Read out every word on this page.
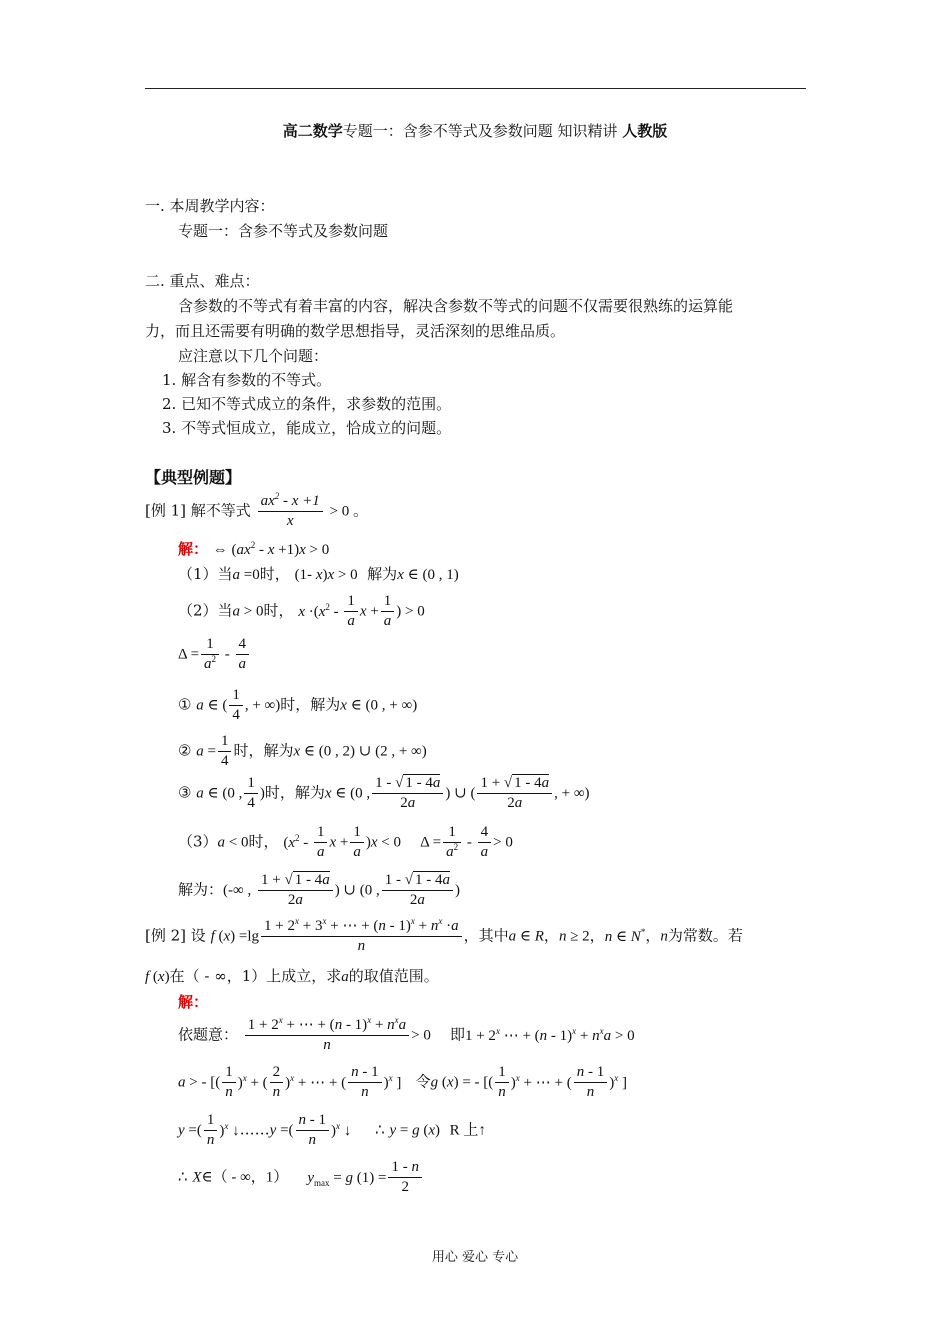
高二数学专题一：含参不等式及参数问题 知识精讲 人教版
一. 本周教学内容：
专题一：含参不等式及参数问题
二. 重点、难点：
含参数的不等式有着丰富的内容，解决含参数不等式的问题不仅需要很熟练的运算能
力，而且还需要有明确的数学思想指导，灵活深刻的思维品质。
应注意以下几个问题：
1. 解含有参数的不等式。
2. 已知不等式成立的条件，求参数的范围。
3. 不等式恒成立，能成立，恰成立的问题。
【典型例题】
[例 1] 解不等式 $\frac{ax^2 - x +1}{x} > 0$ 。
解： ⇔ $(ax^2 - x +1)x > 0$
（1）当a =0时， (1- x)x > 0 解为x ∈ (0 , 1)
（2）当a > 0时， $x \cdot(x^2 - \frac{1}{a}$ $x + \frac{1}{a}$ ) > 0
$\Delta = \frac{1}{a^2} - \frac{4}{a}$
① a ∈ ( $\frac{1}{4}$ , + ∞)时，解为x ∈ (0 , + ∞)
② $a = \frac{1}{4}$ 时，解为x ∈ (0 , 2) ∪ (2 , + ∞)
③ a ∈ (0 , $\frac{1}{4}$ )时，解为x ∈ (0 , $\frac{1 - √ 1 - 4a}{2a}$ ) ∪ ( $\frac{1 + √ 1 - 4a}{2a}$ , + ∞)
（3）a < 0时， ($x^2 - \frac{1}{a}$ $x + \frac{1}{a} )x < 0$ $\Delta = \frac{1}{a^2} - \frac{4}{a} > 0$
解为：(-∞ , $\frac{1 + √ 1 - 4a}{2a}$ ) ∪ (0 , $\frac{1 - √ 1 - 4a}{2a}$ )
[例 2] 设 f $(x) =\lg \frac{1 + 2^x + 3^x + \cdots + (n - 1)^x + n^x \cdot a}{n}$ ，其中a ∈ R，n ≥ 2，n ∈ N*，n为常数。若
f (x)在（ - ∞，1）上成立，求a的取值范围。
解：
依题意： $\frac{1 + 2^x + \cdots + (n - 1)^x + n^xa}{n} > 0$ 即$1 + 2^x$ ⋯ + $(n - 1)^x + n^xa > 0$
a > - [( $\frac{1}{n} )^x$ + ( $\frac{2}{n} )^x$ + ⋯ + ( $\frac{n - 1}{n} )^x$ ] 令g (x) = - [( $\frac{1}{n} )^x$ + ⋯ + ( $\frac{n - 1}{n} )^x$ ]
y =( $\frac{1}{n} )^x$ ↓……y =( $\frac{n - 1}{n} )^x$ ↓ ∴ y = g (x) R 上↑
∴ X∈（ - ∞，1） $y_{max} = g$ $(1) = \frac{1 - n}{2}$
用心 爱心 专心
